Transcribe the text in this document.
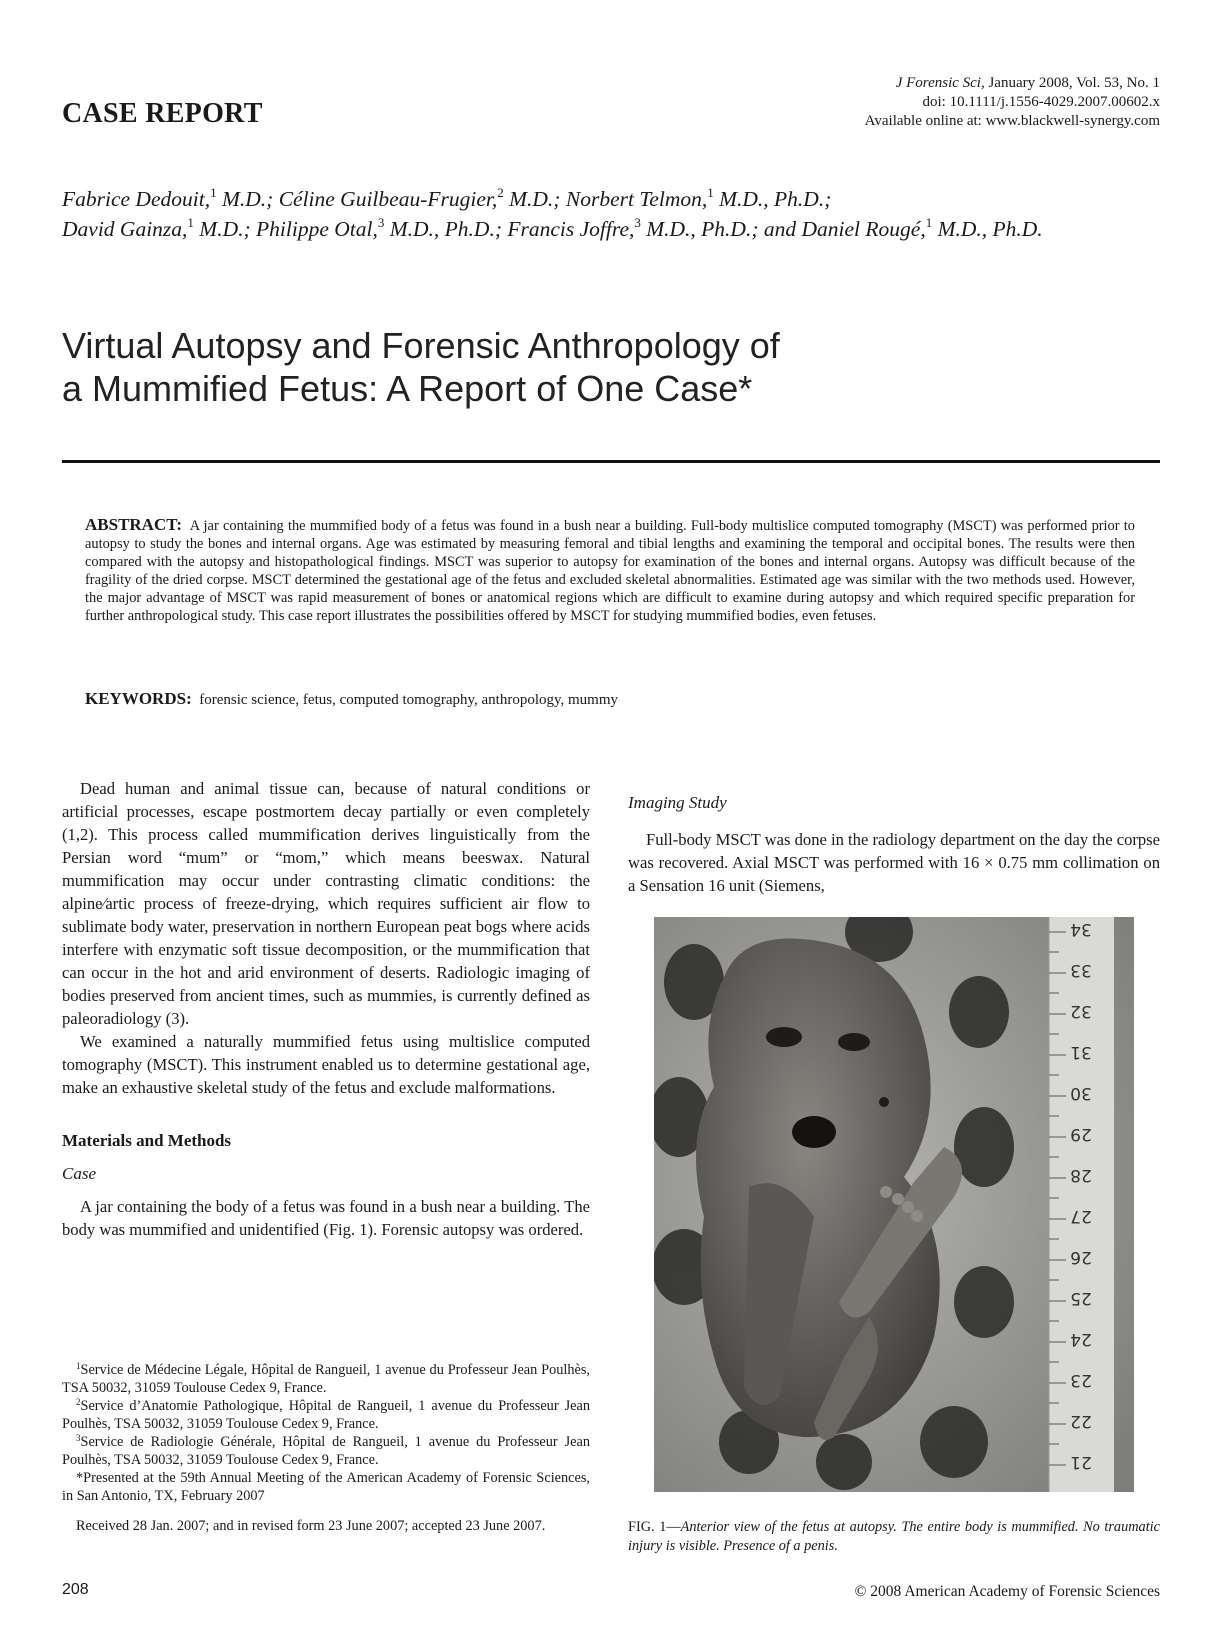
CASE REPORT
J Forensic Sci, January 2008, Vol. 53, No. 1
doi: 10.1111/j.1556-4029.2007.00602.x
Available online at: www.blackwell-synergy.com
Fabrice Dedouit,$^1$ M.D.; Céline Guilbeau-Frugier,$^2$ M.D.; Norbert Telmon,$^1$ M.D., Ph.D.;
David Gainza,$^1$ M.D.; Philippe Otal,$^3$ M.D., Ph.D.; Francis Joffre,$^3$ M.D., Ph.D.; and Daniel Rougé,$^1$ M.D., Ph.D.
Virtual Autopsy and Forensic Anthropology of
a Mummified Fetus: A Report of One Case*
ABSTRACT: A jar containing the mummified body of a fetus was found in a bush near a building. Full-body multislice computed tomography (MSCT) was performed prior to autopsy to study the bones and internal organs. Age was estimated by measuring femoral and tibial lengths and examining the temporal and occipital bones. The results were then compared with the autopsy and histopathological findings. MSCT was superior to autopsy for examination of the bones and internal organs. Autopsy was difficult because of the fragility of the dried corpse. MSCT determined the gestational age of the fetus and excluded skeletal abnormalities. Estimated age was similar with the two methods used. However, the major advantage of MSCT was rapid measurement of bones or anatomical regions which are difficult to examine during autopsy and which required specific preparation for further anthropological study. This case report illustrates the possibilities offered by MSCT for studying mummified bodies, even fetuses.
KEYWORDS: forensic science, fetus, computed tomography, anthropology, mummy

Dead human and animal tissue can, because of natural conditions or artificial processes, escape postmortem decay partially or even completely (1,2). This process called mummification derives linguistically from the Persian word “mum” or “mom,” which means beeswax. Natural mummification may occur under contrasting climatic conditions: the alpine⁄artic process of freeze-drying, which requires sufficient air flow to sublimate body water, preservation in northern European peat bogs where acids interfere with enzymatic soft tissue decomposition, or the mummification that can occur in the hot and arid environment of deserts. Radiologic imaging of bodies preserved from ancient times, such as mummies, is currently defined as paleoradiology (3).

We examined a naturally mummified fetus using multislice computed tomography (MSCT). This instrument enabled us to determine gestational age, make an exhaustive skeletal study of the fetus and exclude malformations.

Materials and Methods
Case

A jar containing the body of a fetus was found in a bush near a building. The body was mummified and unidentified (Fig. 1). Forensic autopsy was ordered.

Imaging Study

Full-body MSCT was done in the radiology department on the day the corpse was recovered. Axial MSCT was performed with 16 × 0.75 mm collimation on a Sensation 16 unit (Siemens,

34
33
32
31
30
29
28
27
26
25
24
23
22
21
FIG. 1—Anterior view of the fetus at autopsy. The entire body is mummified. No traumatic injury is visible. Presence of a penis.

$^1$Service de Médecine Légale, Hôpital de Rangueil, 1 avenue du Professeur Jean Poulhès, TSA 50032, 31059 Toulouse Cedex 9, France.

$^2$Service d’Anatomie Pathologique, Hôpital de Rangueil, 1 avenue du Professeur Jean Poulhès, TSA 50032, 31059 Toulouse Cedex 9, France.

$^3$Service de Radiologie Générale, Hôpital de Rangueil, 1 avenue du Professeur Jean Poulhès, TSA 50032, 31059 Toulouse Cedex 9, France.

*Presented at the 59th Annual Meeting of the American Academy of Forensic Sciences, in San Antonio, TX, February 2007

Received 28 Jan. 2007; and in revised form 23 June 2007; accepted 23 June 2007.

208	© 2008 American Academy of Forensic Sciences
